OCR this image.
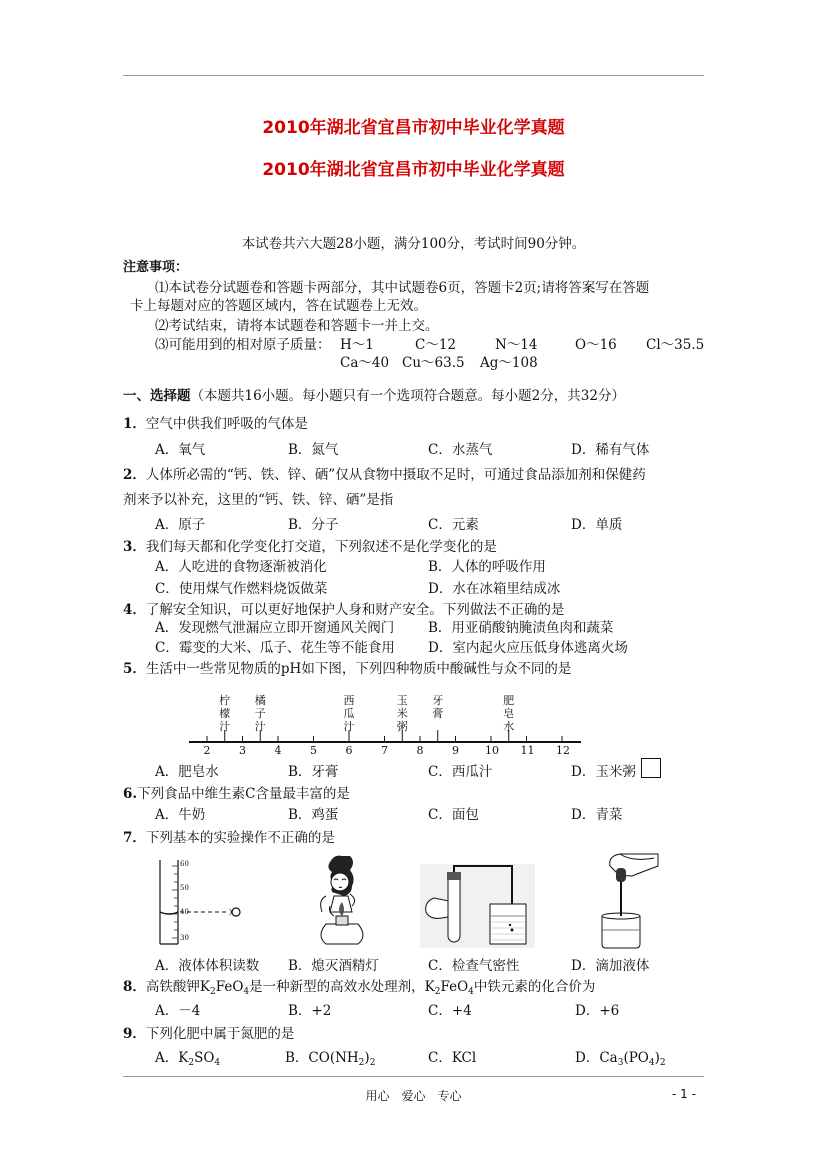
2010年湖北省宜昌市初中毕业化学真题
2010年湖北省宜昌市初中毕业化学真题
本试卷共六大题28小题，满分100分，考试时间90分钟。
注意事项：
⑴本试卷分试题卷和答题卡两部分，其中试题卷6页，答题卡2页;请将答案写在答题
卡上每题对应的答题区域内，答在试题卷上无效。
⑵考试结束，请将本试题卷和答题卡一并上交。
⑶可能用到的相对原子质量： H～1	C～12	N～14	O～16 Cl～35.5
Ca～40 Cu～63.5 Ag～108
一、选择题（本题共16小题。每小题只有一个选项符合题意。每小题2分，共32分）
1．空气中供我们呼吸的气体是
A．氧气	B．氮气	C．水蒸气	D．稀有气体
2．人体所必需的“钙、铁、锌、硒”仅从食物中摄取不足时，可通过食品添加剂和保健药
剂来予以补充，这里的“钙、铁、锌、硒”是指
A．原子	B．分子	C．元素	D．单质
3．我们每天都和化学变化打交道，下列叙述不是化学变化的是
A．人吃进的食物逐渐被消化	B．人体的呼吸作用
C．使用煤气作燃料烧饭做菜	D．水在冰箱里结成冰
4．了解安全知识，可以更好地保护人身和财产安全。下列做法不正确的是
A．发现燃气泄漏应立即开窗通风关阀门	B．用亚硝酸钠腌渍鱼肉和蔬菜
C．霉变的大米、瓜子、花生等不能食用 D．室内起火应压低身体逃离火场
5．生活中一些常见物质的pH如下图，下列四种物质中酸碱性与众不同的是
柠檬汁
橘子汁
西瓜汁
玉米粥
牙膏
肥皂水
2	3	4	5	6	7	8	9 10 11 12
A．肥皂水	B．牙膏	C．西瓜汁	D．玉米粥
6.下列食品中维生素C含量最丰富的是
A．牛奶	B．鸡蛋	C．面包	D．青菜
7．下列基本的实验操作不正确的是
60
50
40
30
A．液体体积读数 B．熄灭酒精灯	C．检查气密性	D．滴加液体
8．高铁酸钾$K_2FeO_4$是一种新型的高效水处理剂，$K_2FeO_4$中铁元素的化合价为
A．－4	B．+2	C．+4	D．+6
9．下列化肥中属于氮肥的是
A．$K_2SO_4$	B．$CO(NH_2)_2$	C．KCl	D．$Ca_3(PO_4)_2$
用心　爱心　专心	- 1 -
